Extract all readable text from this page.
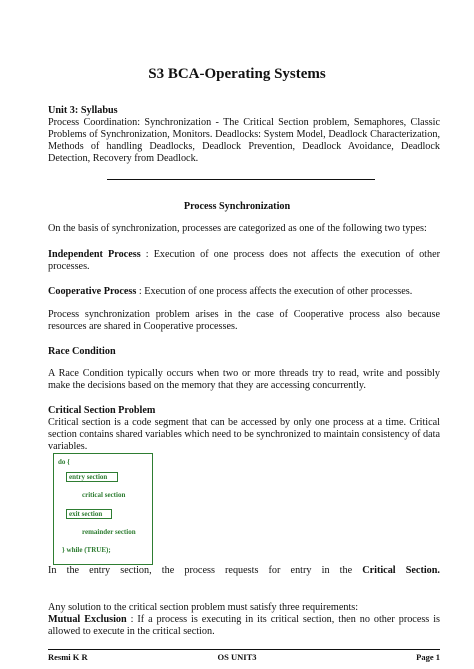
S3 BCA-Operating Systems
Unit 3: Syllabus
Process Coordination: Synchronization - The Critical Section problem, Semaphores, Classic Problems of Synchronization, Monitors. Deadlocks: System Model, Deadlock Characterization, Methods of handling Deadlocks, Deadlock Prevention, Deadlock Avoidance, Deadlock Detection, Recovery from Deadlock.
Process Synchronization
On the basis of synchronization, processes are categorized as one of the following two types:
Independent Process : Execution of one process does not affects the execution of other processes.
Cooperative Process : Execution of one process affects the execution of other processes.
Process synchronization problem arises in the case of Cooperative process also because resources are shared in Cooperative processes.
Race Condition
A Race Condition typically occurs when two or more threads try to read, write and possibly make the decisions based on the memory that they are accessing concurrently.
Critical Section Problem
Critical section is a code segment that can be accessed by only one process at a time. Critical section contains shared variables which need to be synchronized to maintain consistency of data variables.
do {
entry section
critical section
exit section
remainder section
} while (TRUE);
In the entry section, the process requests for entry in the Critical Section.
Any solution to the critical section problem must satisfy three requirements:
Mutual Exclusion : If a process is executing in its critical section, then no other process is allowed to execute in the critical section.
Resmi K R	OS UNIT3	Page 1
